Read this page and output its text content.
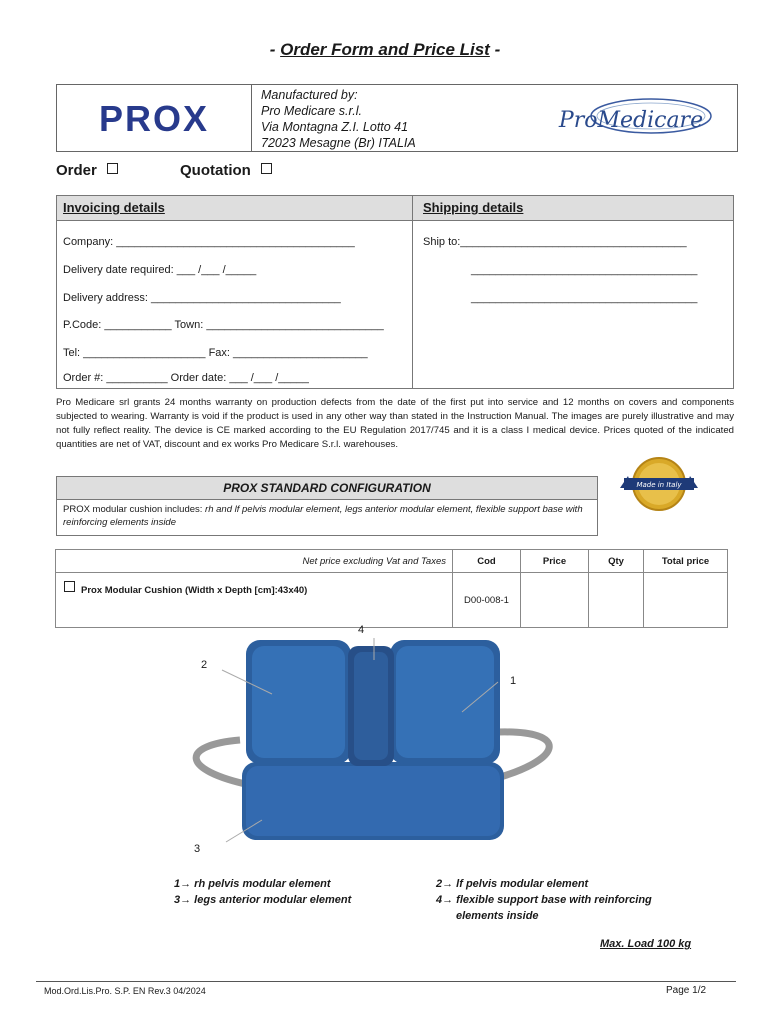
- Order Form and Price List -
PROX
Manufactured by:
Pro Medicare s.r.l.
Via Montagna Z.I. Lotto 41
72023 Mesagne (Br) ITALIA
ProMedicare
Order	Quotation
Invoicing details	Shipping details
Company: _______________________________________
Delivery date required: ___ /___ /_____
Delivery address: _______________________________
P.Code: ___________ Town: _____________________________
Tel: ____________________ Fax: ______________________
Order #: __________ Order date: ___ /___ /_____
Ship to:_____________________________________
_____________________________________
_____________________________________
Pro Medicare srl grants 24 months warranty on production defects from the date of the first put into service and 12 months on covers and components subjected to wearing. Warranty is void if the product is used in any other way than stated in the Instruction Manual. The images are purely illustrative and may not fully reflect reality. The device is CE marked according to the EU Regulation 2017/745 and it is a class I medical device. Prices quoted of the indicated quantities are net of VAT, discount and ex works Pro Medicare S.r.l. warehouses.
PROX STANDARD CONFIGURATION
PROX modular cushion includes: rh and lf pelvis modular element, legs anterior modular element, flexible support base with reinforcing elements inside
Made in Italy
Net price excluding Vat and Taxes	Cod	Price	Qty	Total price
Prox Modular Cushion (Width x Depth [cm]:43x40)	D00-008-1			
4
2
1
3
1→ rh pelvis modular element
3→ legs anterior modular element
2→ lf pelvis modular element
4→ flexible support base with reinforcing
elements inside
Max. Load 100 kg
Mod.Ord.Lis.Pro. S.P. EN Rev.3 04/2024	Page 1/2
